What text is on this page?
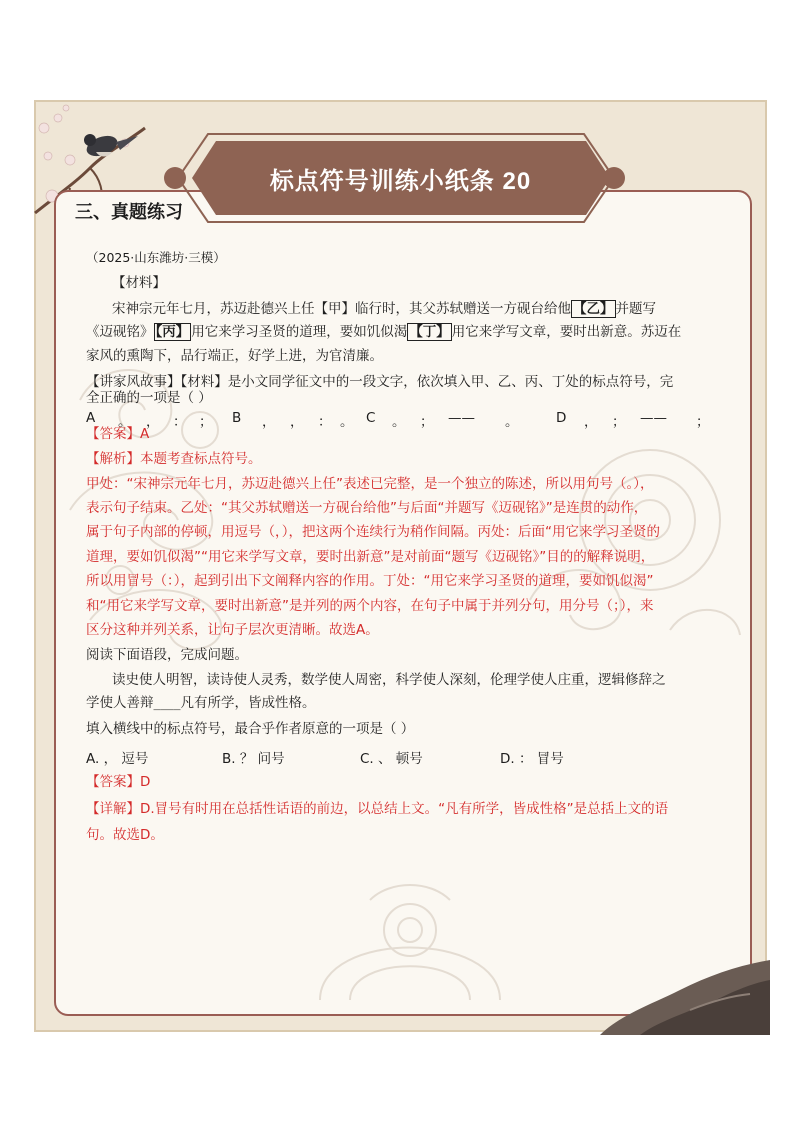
标点符号训练小纸条 20
三、真题练习
（2025·山东潍坊·三模）
【材料】
宋神宗元年七月，苏迈赴德兴上任【甲】临行时，其父苏轼赠送一方砚台给他 【乙】 并题写
《迈砚铭》 【丙】 用它来学习圣贤的道理，要如饥似渴 【丁】 用它来学写文章，要时出新意。苏迈在
家风的熏陶下，品行端正，好学上进，为官清廉。
【讲家风故事】【材料】是小文同学征文中的一段文字，依次填入甲、乙、丙、丁处的标点符号，完
全正确的一项是（ ）
A 。 ， ： ； B ， ， ： 。 C 。 ； —— 。	D ， ； —— ；
【答案】A
【解析】本题考查标点符号。
甲处：“宋神宗元年七月，苏迈赴德兴上任”表述已完整，是一个独立的陈述，所以用句号（。），
表示句子结束。乙处：“其父苏轼赠送一方砚台给他”与后面“并题写《迈砚铭》”是连贯的动作，
属于句子内部的停顿，用逗号（，），把这两个连续行为稍作间隔。丙处：后面“用它来学习圣贤的
道理，要如饥似渴”“用它来学写文章，要时出新意”是对前面“题写《迈砚铭》”目的的解释说明，
所以用冒号（：），起到引出下文阐释内容的作用。丁处：“用它来学习圣贤的道理，要如饥似渴”
和“用它来学写文章，要时出新意”是并列的两个内容，在句子中属于并列分句，用分号（；），来
区分这种并列关系，让句子层次更清晰。故选A。
阅读下面语段，完成问题。
读史使人明智，读诗使人灵秀，数学使人周密，科学使人深刻，伦理学使人庄重，逻辑修辞之
学使人善辩____凡有所学，皆成性格。
填入横线中的标点符号，最合乎作者原意的一项是（ ）
A. ， 逗号	B. ？ 问号	C. 、 顿号	D. ： 冒号
【答案】D
【详解】D.冒号有时用在总括性话语的前边，以总结上文。“凡有所学，皆成性格”是总括上文的语
句。故选D。
